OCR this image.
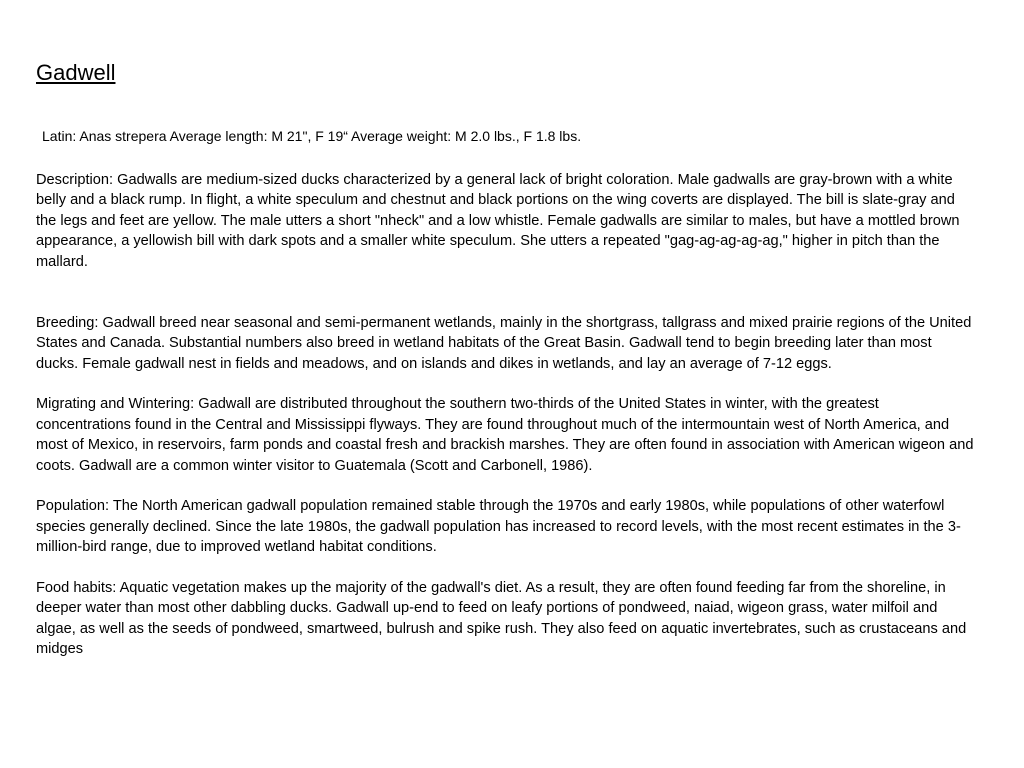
Gadwell

Latin: Anas strepera Average length: M 21", F 19“ Average weight: M 2.0 lbs., F 1.8 lbs.

Description: Gadwalls are medium-sized ducks characterized by a general lack of bright coloration. Male gadwalls are gray-brown with a white belly and a black rump. In flight, a white speculum and chestnut and black portions on the wing coverts are displayed. The bill is slate-gray and the legs and feet are yellow. The male utters a short "nheck" and a low whistle. Female gadwalls are similar to males, but have a mottled brown appearance, a yellowish bill with dark spots and a smaller white speculum. She utters a repeated "gag-ag-ag-ag-ag," higher in pitch than the mallard.

Breeding: Gadwall breed near seasonal and semi-permanent wetlands, mainly in the shortgrass, tallgrass and mixed prairie regions of the United States and Canada. Substantial numbers also breed in wetland habitats of the Great Basin. Gadwall tend to begin breeding later than most ducks. Female gadwall nest in fields and meadows, and on islands and dikes in wetlands, and lay an average of 7-12 eggs.

Migrating and Wintering: Gadwall are distributed throughout the southern two-thirds of the United States in winter, with the greatest concentrations found in the Central and Mississippi flyways. They are found throughout much of the intermountain west of North America, and most of Mexico, in reservoirs, farm ponds and coastal fresh and brackish marshes. They are often found in association with American wigeon and coots. Gadwall are a common winter visitor to Guatemala (Scott and Carbonell, 1986).

Population: The North American gadwall population remained stable through the 1970s and early 1980s, while populations of other waterfowl species generally declined. Since the late 1980s, the gadwall population has increased to record levels, with the most recent estimates in the 3-million-bird range, due to improved wetland habitat conditions.

Food habits: Aquatic vegetation makes up the majority of the gadwall's diet. As a result, they are often found feeding far from the shoreline, in deeper water than most other dabbling ducks. Gadwall up-end to feed on leafy portions of pondweed, naiad, wigeon grass, water milfoil and algae, as well as the seeds of pondweed, smartweed, bulrush and spike rush. They also feed on aquatic invertebrates, such as crustaceans and midges
